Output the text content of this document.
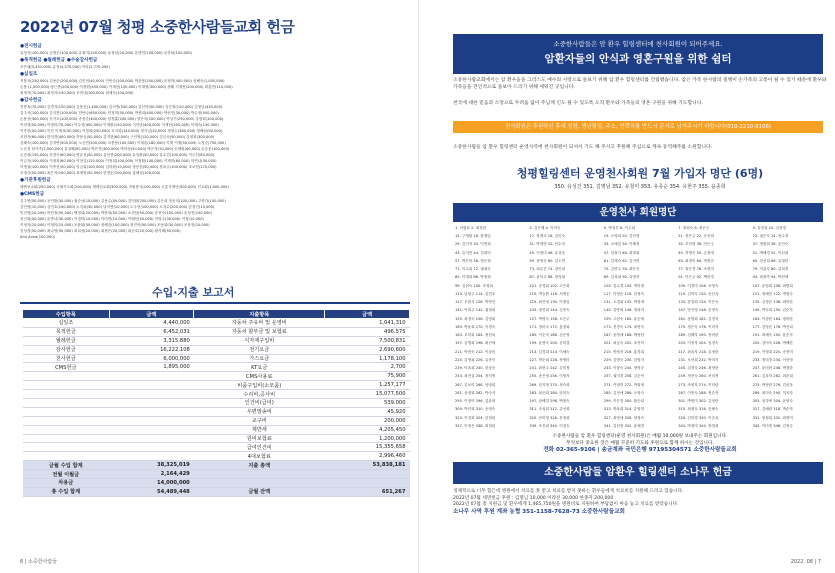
2022년 07월 청평 소중한사람들교회 헌금
●전시헌금
유성진(100,000) 김명순(100,000) 유철미(100,000) 윤정님(20,000) 유명연(100,000) 윤종희(100,000)
●목적헌금 ●월례헌금 ●수술감사헌금
조은래(5,452,000) 유정(4,370,000) 이라(2,770,000)
●십일조
전봉옥(250,000) 김용순(200,000) 김진현(40,000) 민안순(100,000) 박윤봉(200,000) 문정미(400,000) 성해숙(1,000,000)
손용 (1,000,000) 양근중(200,000) 이정원(450,000) 이재신(150,000) 이재영(300,000) 정해 기재용(200,000) 최홍만(110,000)
최정자(70,000) 최정자(150,000) 조현대(100,000) 최세준(100,000)
●감사헌금
전봉옥(70,000) 김경자(150,000) 김용진(1,400,000) 김서영(540,000) 김선아(50,000) 김순정(120,000) 김정님(430,000)
김주석(100,000) 김지현(100,000) 민안나(650,000) 민정미(50,000) 박봉희(400,000) 박선진(30,000) 박수정(500,000)
손용선(300,000) 송가오(100,000) 송정순(400,000) 양경훈(200,000) 양은숙(100,000) 여상구(250,000) 우명희(100,000)
이미경(50,000) 이명미(70,000) 이수진(400,000) 이재환(150,000) 이인남(400,000) 이재선(200,000) 이재숙(130,000)
이종현(50,000) 이진 이재표(50,000) 이정희(250,000) 조지희(140,000) 정기일(20,000) 정영수(360,000) 정해남(90,000)
조현자(60,000) 한미경(400,000) 허봉균(50,000) 김지현(60,000) 구인영(120,000) 김금숙(50,000) 김영희(300,000)
김혜숙(100,000) 김지연(500,000) 노승연(200,000) 모충봉(100,000) 이재윤(180,000) 이재 기재(50,000) 노경순(750,000)
노준성 외가족(2,000,000) 류청해(50,000) 박은진(300,000) 박하성(50,000) 박은자(70,000) 신채원(40,000) 손승운(100,000)
손순희(150,000) 송현숙(60,000) 양유진(50,000) 유선현(200,000) 유임환(50,000) 유수진(100,000) 이도선(80,000)
이금자(100,000) 이정희(60,000) 이상길(120,000) 이정희(100,000) 이정환(100,000) 이재미(60,000) 이연나(50,000)
이명섭(100,000) 이종현(50,000) 임금희(100,000) 임하원(10,000) 장동현(50,000) 정옥주(100,000) 조보현(170,000)
조정식(50,000) 최은자(200,000) 최재명(50,000) 한정순(100,000) 홍혜성(100,000)
●기관후원헌금
에벤선교회(200,000) 국제기도회(100,000) 세계선교회(300,000) 자원봉사(100,000) 오롯식재단(500,000) 선교회(1,000,000)
●CMS헌금
김주연(50,000) 공인환(30,000) 권순남(10,000) 김용수(50,000) 김인환(200,000) 김은희 정윤미(100,000) 고중다(100,000)
김인영(10,000) 김민호(100,000) 노지희(30,000) 남지연(10,000) 도주현(100,000) 도지수(200,000) 문경진(10,000)
민인영(20,000) 박현정(50,000) 백경희(20,000) 박찬희(50,000) 소현남(50,000) 송현숙(100,000) 윤성진(100,000)
윤인희(50,000) 윤종녀(30,000) 이경미(10,000) 이미연(10,000) 이혜인(50,000) 이영주(30,000) 이정(10,000)
이정자(20,000) 이재미(10,000) 조완희(50,000) 정혜진(100,000) 정진아(50,000) 조남희(30,000) 조웅현(10,000)
진성경(50,000) 최나영(50,000) 최희성(20,000) 최정은(20,000) 최준호(20,000) 황지혜(50,000)
Ahn Anna(100,000)
수입·지출 보고서
수입항목	금액	지출항목	금액
십일조	4,440,000	자동차 주유비 및 운영비	1,041,310
목적헌금	6,452,031	자동차 할부금 및 보험료	496,575
월례헌금	3,315,880	식자재구입비	7,500,831
감사헌금	16,222,108	전기요금	2,690,600
천사헌금	6,000,000	가스요금	1,178,100
CMS헌금	1,895,000	KT요금	2,700
		CMS사용료	75,900
		비품구입비(소모품)	1,257,177
		수리비,공사비	15,077,500
		인건비(급여)	539,000
		우편발송비	45,920
		교구비	200,000
		제반세	4,205,450
		원비보험료	1,200,000
		급여인건비	15,355,658
		4대보험료	2,996,460
금월 수입 합계	38,325,019	지출 총액	53,838,181
전월 이월금	2,164,429		
차용금	14,000,000		
총 수입 합계	54,489,448	금월 잔액	651,267
6 | 소중한사람들
소중한사람들은 암 환우 힐링센터에 천사회원이 되어주세요.
암환자들의 안식과 영혼구원을 위한 쉼터
소중한사람교회에서는 암 환우들을 그리스도 예수의 사랑으로 돌보기 위해 암 환우 힐링센터를 건립했습니다. 암은 가족 한사람의 질병이 손가족의 고통이 될 수 있기 때문에 환우와 가족들을 전인적으로 돌보아 드리기 위해 세워진 곳입니다.
천국에 대한 믿음과 소망으로 두려움 없이 주님께 인도 될 수 있도록 오직 환우와 가족들의 영혼 구원을 위해 기도합니다.
천사회원은 후원하신 후에 성함, 생년월일, 주소, 연락처를 반드시 문자로 남겨주시기 바랍니다(010-2210-9106)
소중한사람들 암 환우 힐링센터 운영사역에 천사회원이 되셔서 기도 해 주시고 후원해 주심으로 계속 동역해주를 소원합니다.
청평힐링센터 운영천사회원 7월 가입자 명단 (6명)
350. 유성진 351. 김명님 352. 유철미 353. 유종순 354. 유현주 355. 윤종희
운영천사 회원명단
1. 이원표 2. 최경란	3. 김은혜 4. 이미숙	5. 박성우 6. 이주희	7. 정희숙 8. 최은주	9. 유진희 10. 김현정
15. 구재원 16. 함재임	17. 장재숙 18. 김인숙	19. 오영희 20. 김선영	21. 장은주 22. 송선희	23. 권은숙 24. 정수경
29. 김인자 30. 이연희	31. 박재영 32. 민수진	33. 오태임 34. 이혜정	35. 조미영 36. 안은주	37. 정원희 38. 윤진숙
43. 유지민 44. 김희덕	45. 이정미 46. 유상준	47. 임정기 48. 최정희	49. 허명숙 50. 손정애	51. 박혜경 52. 이선희
57. 박은미 58. 정은희	59. 정영숙 60. 김도연	61. 김재숙 62. 김지연	63. 최정미 64. 박정순	65. 강선희 66. 유정란
71. 이수희 72. 권재숙	73. 최유진 74. 강인희	75. 김연주 76. 최은숙	77. 장은경 78. 조영미	79. 이효숙 80. 김희경
85. 이명희 86. 박정희	87. 윤미숙 88. 장성희	89. 김성희 90. 유영자	91. 이은주 92. 백미경	93. 최정아 94. 박선애
99. 김현숙 100. 조영희	101. 송경희 102. 고은희	103. 김수경 104. 박미정	105. 이경미 106. 조영숙	107. 윤영희 108. 최명희
113. 남영주 114. 김진호	115. 박승환 116. 서명순	117. 이영순 118. 한정숙	119. 김미숙 120. 송선옥	121. 정혜진 122. 박영숙
127. 우원식 128. 박정인	129. 최인영 130. 이정임	131. 오경희 132. 박정애	133. 한경희 134. 이은숙	135. 김정순 136. 최미란
141. 이희주 142. 권정희	143. 정선희 144. 김종숙	145. 김양희 146. 정희자	147. 안지영 148. 신정숙	149. 박숙희 150. 김순자
155. 최경숙 156. 김영희	157. 박명숙 158. 오은주	159. 고현숙 160. 유순애	161. 문영희 162. 김경자	163. 이경란 164. 정미란
169. 박윤희 170. 이정숙	171. 정미숙 172. 홍정희	173. 전경숙 174. 최영숙	175. 정은숙 176. 이미자	177. 김영순 178. 박선희
183. 조미희 184. 정현옥	185. 이순자 186. 김은정	187. 윤정애 188. 박영란	189. 김혜자 190. 장미란	191. 최혜숙 192. 윤순자
197. 김명희 198. 최신애	199. 윤영숙 200. 송미경	201. 최금숙 202. 조선미	203. 이정자 204. 임경숙	205. 강미숙 206. 박혜란
211. 박현숙 212. 이상미	213. 김경희 214. 이혜숙	215. 박정자 216. 홍경희	217. 최옥자 218. 김정란	219. 이영희 220. 송현미
225. 김영희 226. 유종숙	227. 박순희 228. 정영미	229. 김명숙 230. 한영자	231. 오선희 232. 박미자	233. 정미경 234. 이선영
239. 이옥희 240. 한상숙	241. 최현주 242. 김미정	243. 이향숙 244. 정영순	245. 김경숙 246. 최영란	247. 윤미란 248. 박경란
253. 최진실 254. 장지영	255. 송은영 256. 이영자	257. 권미경 258. 김순이	259. 정현숙 260. 서미정	261. 김옥자 262. 최순희
267. 김보라 268. 남영희	269. 한지영 270. 정숙희	271. 이영미 272. 박희정	273. 조영자 274. 이미란	275. 박정란 276. 김선옥
281. 윤정희 282. 박숙자	283. 최은희 284. 임미숙	285. 김정애 286. 오영숙	287. 이현숙 288. 정순자	289. 최미숙 290. 이옥자
295. 이정아 296. 김윤희	297. 장혜경 298. 백정숙	299. 이은경 300. 황순희	301. 박영미 302. 김영란	303. 정경애 304. 윤영숙
309. 박민희 310. 송영숙	311. 조성희 312. 김선희	313. 박옥희 314. 유영미	315. 최정숙 316. 임혜숙	317. 김혜란 318. 박순자
323. 이경희 324. 한정희	325. 안미영 326. 문정희	327. 최영애 328. 양정숙	329. 김미경 330. 이순옥	331. 장정희 332. 최영미
337. 이정은 338. 최정희	339. 조진희 340. 이경숙	341. 김현정 342. 윤혜경	343. 박정미 344. 장영희	345. 이미정 346. 김정숙
소중한사람들 암 환우 힐링센터(운영 천사회원)은 매월 10,000원 보내주는 회원입니다.
무엇보다 중요한 것은 매월 꾸준히 기도와 후원으로 함께 하시는 것입니다.
전화 02-365-9106 | 송금계좌 국민은행 97195304571 소중한사람들교회
소중한사람들 암환우 힐링센터 소나무 헌금
경제적으로 너무 힘든데 병원에서 치료를 못 받고 치료를 받지 못하는 환우들에게 치료비를 지원해 드리고 있습니다.
2022년 07월 세면헌금 후원 : 김명님 10,000 이라선 30,000 한종자 200,000
2022년 07월 총 지원금 및 환우에게 1,465,750원을 병원비로 지원하여 부담없이 마음 놓고 치료를 받았습니다.
소나무 사역 후원 계좌 농협 351-1158-7628-73 소중한사람들교회
2022. 08 | 7
